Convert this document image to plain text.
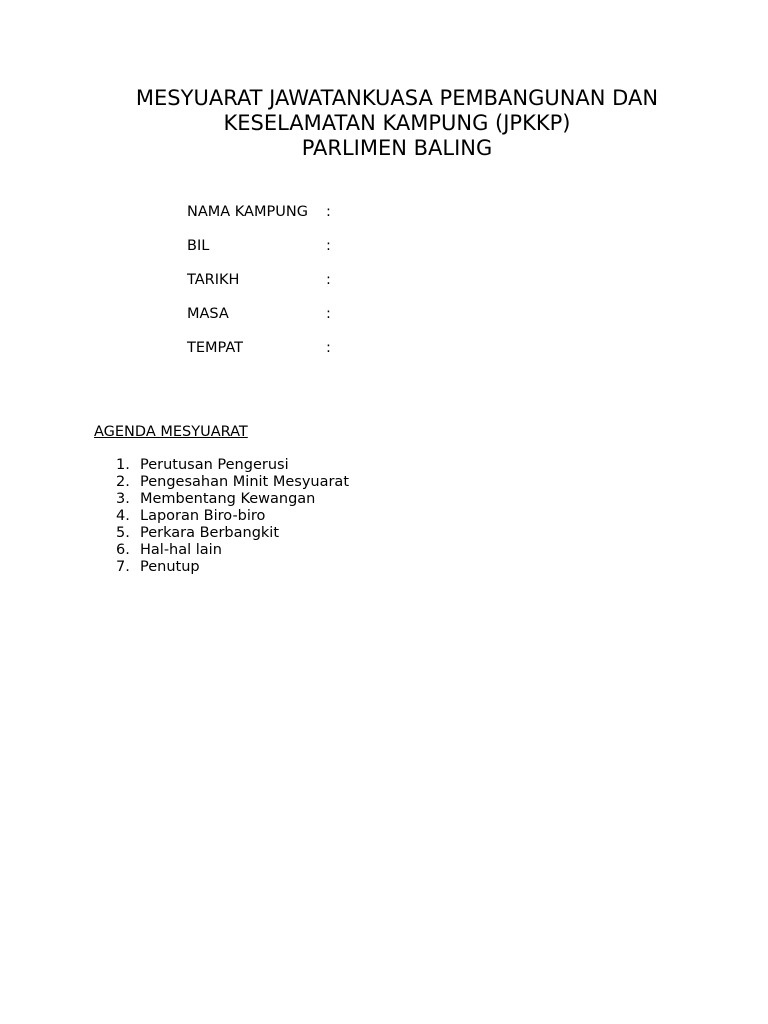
MESYUARAT JAWATANKUASA PEMBANGUNAN DAN
KESELAMATAN KAMPUNG (JPKKP)
PARLIMEN BALING
NAMA KAMPUNG :
BIL	:
TARIKH	:
MASA	:
TEMPAT	:
AGENDA MESYUARAT
1. Perutusan Pengerusi
2. Pengesahan Minit Mesyuarat
3. Membentang Kewangan
4. Laporan Biro-biro
5. Perkara Berbangkit
6. Hal-hal lain
7. Penutup
